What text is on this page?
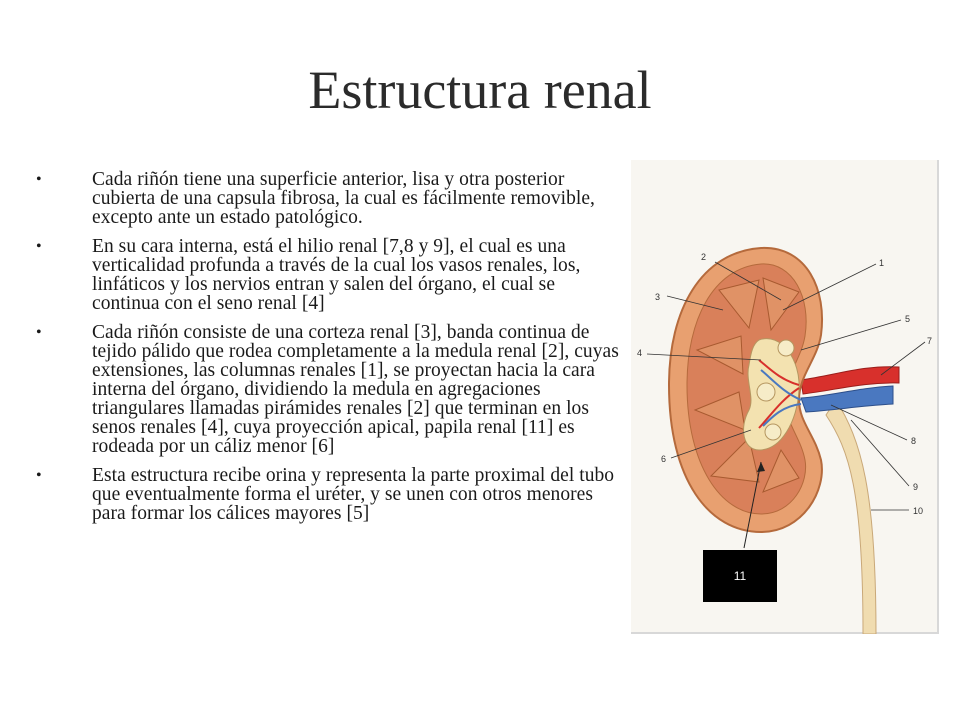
Estructura renal
•	Cada riñón tiene una superficie anterior, lisa y otra posterior cubierta de una capsula fibrosa, la cual es fácilmente removible, excepto ante un estado patológico.
•	En su cara interna, está el hilio renal [7,8 y 9], el cual es una verticalidad profunda a través de la cual los vasos renales, los, linfáticos y los nervios entran y salen del órgano, el cual se continua con el seno renal [4]
•	Cada riñón consiste de una corteza renal [3], banda continua de tejido pálido que rodea completamente a la medula renal [2], cuyas extensiones, las columnas renales [1], se proyectan hacia la cara interna del órgano, dividiendo la medula en agregaciones triangulares llamadas pirámides renales [2] que terminan en los senos renales [4], cuya proyección apical, papila renal [11] es rodeada por un cáliz menor [6]
•	Esta estructura recibe orina y representa la parte proximal del tubo que eventualmente forma el uréter, y se unen con otros menores para formar los cálices mayores [5]
2
1
3
5
4
7
6
8
9
10
11
